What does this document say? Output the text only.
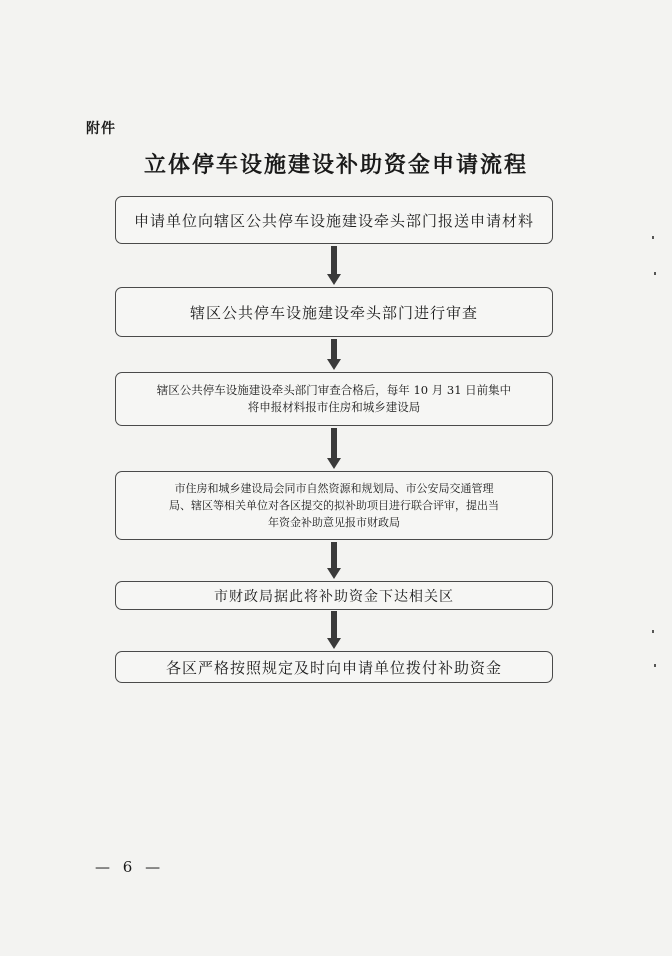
附件
立体停车设施建设补助资金申请流程
申请单位向辖区公共停车设施建设牵头部门报送申请材料
辖区公共停车设施建设牵头部门进行审查
辖区公共停车设施建设牵头部门审查合格后，每年 10 月 31 日前集中
将申报材料报市住房和城乡建设局
市住房和城乡建设局会同市自然资源和规划局、市公安局交通管理
局、辖区等相关单位对各区提交的拟补助项目进行联合评审，提出当
年资金补助意见报市财政局
市财政局据此将补助资金下达相关区
各区严格按照规定及时向申请单位拨付补助资金
— 6 —
